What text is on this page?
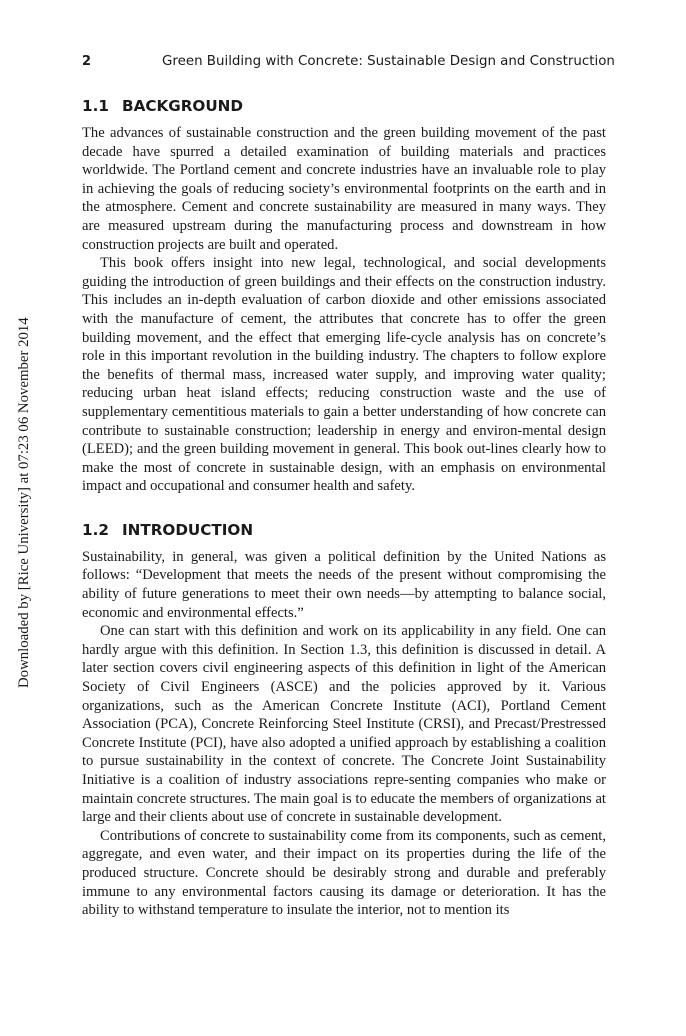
2	Green Building with Concrete: Sustainable Design and Construction
Downloaded by [Rice University] at 07:23 06 November 2014
1.1 BACKGROUND

The advances of sustainable construction and the green building movement of the past decade have spurred a detailed examination of building materials and practices worldwide. The Portland cement and concrete industries have an invaluable role to play in achieving the goals of reducing society’s environmental footprints on the earth and in the atmosphere. Cement and concrete sustainability are measured in many ways. They are measured upstream during the manufacturing process and downstream in how construction projects are built and operated.

This book offers insight into new legal, technological, and social developments guiding the introduction of green buildings and their effects on the construction industry. This includes an in-depth evaluation of carbon dioxide and other emissions associated with the manufacture of cement, the attributes that concrete has to offer the green building movement, and the effect that emerging life-cycle analysis has on concrete’s role in this important revolution in the building industry. The chapters to follow explore the benefits of thermal mass, increased water supply, and improving water quality; reducing urban heat island effects; reducing construction waste and the use of supplementary cementitious materials to gain a better understanding of how concrete can contribute to sustainable construction; leadership in energy and environ-mental design (LEED); and the green building movement in general. This book out-lines clearly how to make the most of concrete in sustainable design, with an emphasis on environmental impact and occupational and consumer health and safety.

1.2 INTRODUCTION

Sustainability, in general, was given a political definition by the United Nations as follows: “Development that meets the needs of the present without compromising the ability of future generations to meet their own needs—by attempting to balance social, economic and environmental effects.”

One can start with this definition and work on its applicability in any field. One can hardly argue with this definition. In Section 1.3, this definition is discussed in detail. A later section covers civil engineering aspects of this definition in light of the American Society of Civil Engineers (ASCE) and the policies approved by it. Various organizations, such as the American Concrete Institute (ACI), Portland Cement Association (PCA), Concrete Reinforcing Steel Institute (CRSI), and Precast/Prestressed Concrete Institute (PCI), have also adopted a unified approach by establishing a coalition to pursue sustainability in the context of concrete. The Concrete Joint Sustainability Initiative is a coalition of industry associations repre-senting companies who make or maintain concrete structures. The main goal is to educate the members of organizations at large and their clients about use of concrete in sustainable development.

Contributions of concrete to sustainability come from its components, such as cement, aggregate, and even water, and their impact on its properties during the life of the produced structure. Concrete should be desirably strong and durable and preferably immune to any environmental factors causing its damage or deterioration. It has the ability to withstand temperature to insulate the interior, not to mention its
